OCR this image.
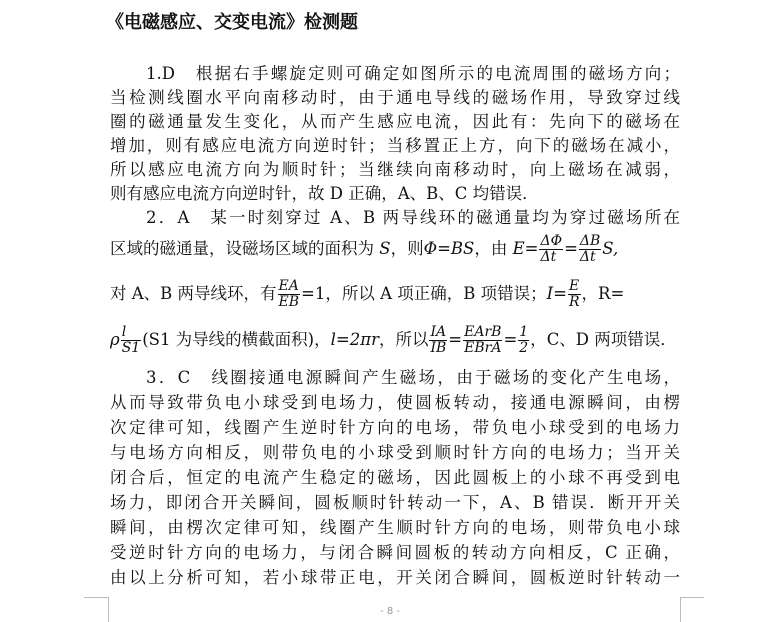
《电磁感应、交变电流》检测题
1.D　根据右手螺旋定则可确定如图所示的电流周围的磁场方向；
当检测线圈水平向南移动时，由于通电导线的磁场作用，导致穿过线
圈的磁通量发生变化，从而产生感应电流，因此有：先向下的磁场在
增加，则有感应电流方向逆时针；当移置正上方，向下的磁场在减小，
所以感应电流方向为顺时针；当继续向南移动时，向上磁场在减弱，
则有感应电流方向逆时针，故 D 正确，A、B、C 均错误．
2．A　某一时刻穿过 A、B 两导线环的磁通量均为穿过磁场所在
区域的磁通量，设磁场区域的面积为 S，则Φ=BS，由 $E= \frac{\Delta\Phi}{\Delta t} = \frac{\Delta B}{\Delta t} S$,
对 A、B 两导线环，有 $\frac{EA}{EB} =1$，所以 A 项正确，B 项错误；$I= \frac{E}{R}$ ，R=
ρ $\frac{l}{S1} (S1$ 为导线的横截面积)，l=2πr，所以 $\frac{IA}{IB} = \frac{\text{EArB}}{\text{EBrA}} = \frac{1}{2}$ ，C、D 两项错误．
3．C　线圈接通电源瞬间产生磁场，由于磁场的变化产生电场，
从而导致带负电小球受到电场力，使圆板转动，接通电源瞬间，由楞
次定律可知，线圈产生逆时针方向的电场，带负电小球受到的电场力
与电场方向相反，则带负电的小球受到顺时针方向的电场力；当开关
闭合后，恒定的电流产生稳定的磁场，因此圆板上的小球不再受到电
场力，即闭合开关瞬间，圆板顺时针转动一下，A、B 错误．断开开关
瞬间，由楞次定律可知，线圈产生顺时针方向的电场，则带负电小球
受逆时针方向的电场力，与闭合瞬间圆板的转动方向相反，C 正确，
由以上分析可知，若小球带正电，开关闭合瞬间，圆板逆时针转动一
- 8 -
